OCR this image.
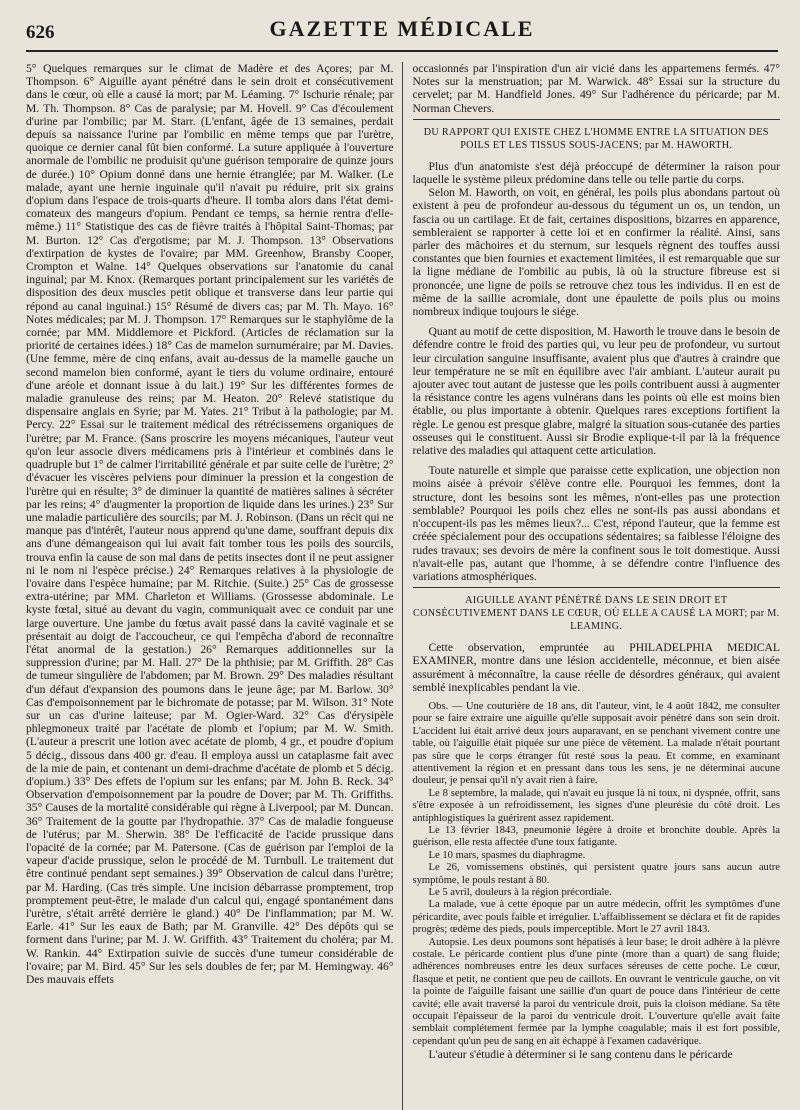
626	GAZETTE MÉDICALE

5° Quelques remarques sur le climat de Madère et des Açores; par M. Thompson. 6° Aiguille ayant pénétré dans le sein droit et consécutivement dans le cœur, où elle a causé la mort; par M. Léaming. 7° Ischurie rénale; par M. Th. Thompson. 8° Cas de paralysie; par M. Hovell. 9° Cas d'écoulement d'urine par l'ombilic; par M. Starr. (L'enfant, âgée de 13 semaines, perdait depuis sa naissance l'urine par l'ombilic en même temps que par l'urètre, quoique ce dernier canal fût bien conformé. La suture appliquée à l'ouverture anormale de l'ombilic ne produisit qu'une guérison temporaire de quinze jours de durée.) 10° Opium donné dans une hernie étranglée; par M. Walker. (Le malade, ayant une hernie inguinale qu'il n'avait pu réduire, prit six grains d'opium dans l'espace de trois-quarts d'heure. Il tomba alors dans l'état demi-comateux des mangeurs d'opium. Pendant ce temps, sa hernie rentra d'elle-même.) 11° Statistique des cas de fièvre traités à l'hôpital Saint-Thomas; par M. Burton. 12° Cas d'ergotisme; par M. J. Thompson. 13° Observations d'extirpation de kystes de l'ovaire; par MM. Greenhow, Bransby Cooper, Crompton et Walne. 14° Quelques observations sur l'anatomie du canal inguinal; par M. Knox. (Remarques portant principalement sur les variétés de disposition des deux muscles petit oblique et transverse dans leur partie qui répond au canal inguinal.) 15° Résumé de divers cas; par M. Th. Mayo. 16° Notes médicales; par M. J. Thompson. 17° Remarques sur le staphylôme de la cornée; par MM. Middlemore et Pickford. (Articles de réclamation sur la priorité de certaines idées.) 18° Cas de mamelon surnuméraire; par M. Davies. (Une femme, mère de cinq enfans, avait au-dessus de la mamelle gauche un second mamelon bien conformé, ayant le tiers du volume ordinaire, entouré d'une aréole et donnant issue à du lait.) 19° Sur les différentes formes de maladie granuleuse des reins; par M. Heaton. 20° Relevé statistique du dispensaire anglais en Syrie; par M. Yates. 21° Tribut à la pathologie; par M. Percy. 22° Essai sur le traitement médical des rétrécissemens organiques de l'urètre; par M. France. (Sans proscrire les moyens mécaniques, l'auteur veut qu'on leur associe divers médicamens pris à l'intérieur et combinés dans le quadruple but 1° de calmer l'irritabilité générale et par suite celle de l'urètre; 2° d'évacuer les viscères pelviens pour diminuer la pression et la congestion de l'urètre qui en résulte; 3° de diminuer la quantité de matières salines à sécréter par les reins; 4° d'augmenter la proportion de liquide dans les urines.) 23° Sur une maladie particulière des sourcils; par M. J. Robinson. (Dans un récit qui ne manque pas d'intérêt, l'auteur nous apprend qu'une dame, souffrant depuis dix ans d'une démangeaison qui lui avait fait tomber tous les poils des sourcils, trouva enfin la cause de son mal dans de petits insectes dont il ne peut assigner ni le nom ni l'espèce précise.) 24° Remarques relatives à la physiologie de l'ovaire dans l'espèce humaine; par M. Ritchie. (Suite.) 25° Cas de grossesse extra-utérine; par MM. Charleton et Williams. (Grossesse abdominale. Le kyste fœtal, situé au devant du vagin, communiquait avec ce conduit par une large ouverture. Une jambe du fœtus avait passé dans la cavité vaginale et se présentait au doigt de l'accoucheur, ce qui l'empêcha d'abord de reconnaître l'état anormal de la gestation.) 26° Remarques additionnelles sur la suppression d'urine; par M. Hall. 27° De la phthisie; par M. Griffith. 28° Cas de tumeur singulière de l'abdomen; par M. Brown. 29° Des maladies résultant d'un défaut d'expansion des poumons dans le jeune âge; par M. Barlow. 30° Cas d'empoisonnement par le bichromate de potasse; par M. Wilson. 31° Note sur un cas d'urine laiteuse; par M. Ogier-Ward. 32° Cas d'érysipèle phlegmoneux traité par l'acétate de plomb et l'opium; par M. W. Smith. (L'auteur a prescrit une lotion avec acétate de plomb, 4 gr., et poudre d'opium 5 décig., dissous dans 400 gr. d'eau. Il employa aussi un cataplasme fait avec de la mie de pain, et contenant un demi-drachme d'acétate de plomb et 5 décig. d'opium.) 33° Des effets de l'opium sur les enfans; par M. John B. Reck. 34° Observation d'empoisonnement par la poudre de Dover; par M. Th. Griffiths. 35° Causes de la mortalité considérable qui règne à Liverpool; par M. Duncan. 36° Traitement de la goutte par l'hydropathie. 37° Cas de maladie fongueuse de l'utérus; par M. Sherwin. 38° De l'efficacité de l'acide prussique dans l'opacité de la cornée; par M. Patersone. (Cas de guérison par l'emploi de la vapeur d'acide prussique, selon le procédé de M. Turnbull. Le traitement dut être continué pendant sept semaines.) 39° Observation de calcul dans l'urètre; par M. Harding. (Cas très simple. Une incision débarrasse promptement, trop promptement peut-être, le malade d'un calcul qui, engagé spontanément dans l'urètre, s'était arrêté derrière le gland.) 40° De l'inflammation; par M. W. Earle. 41° Sur les eaux de Bath; par M. Granville. 42° Des dépôts qui se forment dans l'urine; par M. J. W. Griffith. 43° Traitement du choléra; par M. W. Rankin. 44° Extirpation suivie de succès d'une tumeur considérable de l'ovaire; par M. Bird. 45° Sur les sels doubles de fer; par M. Hemingway. 46° Des mauvais effets

occasionnés par l'inspiration d'un air vicié dans les appartemens fermés. 47° Notes sur la menstruation; par M. Warwick. 48° Essai sur la structure du cervelet; par M. Handfield Jones. 49° Sur l'adhérence du péricarde; par M. Norman Chevers.

DU RAPPORT QUI EXISTE CHEZ L'HOMME ENTRE LA SITUATION DES POILS ET LES TISSUS SOUS-JACENS; par M. HAWORTH.

Plus d'un anatomiste s'est déjà préoccupé de déterminer la raison pour laquelle le système pileux prédomine dans telle ou telle partie du corps.

Selon M. Haworth, on voit, en général, les poils plus abondans partout où existent à peu de profondeur au-dessous du tégument un os, un tendon, un fascia ou un cartilage. Et de fait, certaines dispositions, bizarres en apparence, sembleraient se rapporter à cette loi et en confirmer la réalité. Ainsi, sans parler des mâchoires et du sternum, sur lesquels règnent des touffes aussi constantes que bien fournies et exactement limitées, il est remarquable que sur la ligne médiane de l'ombilic au pubis, là où la structure fibreuse est si prononcée, une ligne de poils se retrouve chez tous les individus. Il en est de même de la saillie acromiale, dont une épaulette de poils plus ou moins nombreux indique toujours le siége.

Quant au motif de cette disposition, M. Haworth le trouve dans le besoin de défendre contre le froid des parties qui, vu leur peu de profondeur, vu surtout leur circulation sanguine insuffisante, avaient plus que d'autres à craindre que leur température ne se mît en équilibre avec l'air ambiant. L'auteur aurait pu ajouter avec tout autant de justesse que les poils contribuent aussi à augmenter la résistance contre les agens vulnérans dans les points où elle est moins bien établie, ou plus importante à obtenir. Quelques rares exceptions fortifient la règle. Le genou est presque glabre, malgré la situation sous-cutanée des parties osseuses qui le constituent. Aussi sir Brodie explique-t-il par là la fréquence relative des maladies qui attaquent cette articulation.

Toute naturelle et simple que paraisse cette explication, une objection non moins aisée à prévoir s'élève contre elle. Pourquoi les femmes, dont la structure, dont les besoins sont les mêmes, n'ont-elles pas une protection semblable? Pourquoi les poils chez elles ne sont-ils pas aussi abondans et n'occupent-ils pas les mêmes lieux?... C'est, répond l'auteur, que la femme est créée spécialement pour des occupations sédentaires; sa faiblesse l'éloigne des rudes travaux; ses devoirs de mère la confinent sous le toit domestique. Aussi n'avait-elle pas, autant que l'homme, à se défendre contre l'influence des variations atmosphériques.

AIGUILLE AYANT PÉNÉTRÉ DANS LE SEIN DROIT ET CONSÉCUTIVEMENT DANS LE CŒUR, OÙ ELLE A CAUSÉ LA MORT; par M. LEAMING.

Cette observation, empruntée au PHILADELPHIA MEDICAL EXAMINER, montre dans une lésion accidentelle, méconnue, et bien aisée assurément à méconnaître, la cause réelle de désordres généraux, qui avaient semblé inexplicables pendant la vie.

Obs. — Une couturière de 18 ans, dit l'auteur, vint, le 4 août 1842, me consulter pour se faire extraire une aiguille qu'elle supposait avoir pénétré dans son sein droit. L'accident lui était arrivé deux jours auparavant, en se penchant vivement contre une table, où l'aiguille était piquée sur une pièce de vêtement. La malade n'était pourtant pas sûre que le corps étranger fût resté sous la peau. Et comme, en examinant attentivement la région et en pressant dans tous les sens, je ne déterminai aucune douleur, je pensai qu'il n'y avait rien à faire.

Le 8 septembre, la malade, qui n'avait eu jusque là ni toux, ni dyspnée, offrit, sans s'être exposée à un refroidissement, les signes d'une pleurésie du côté droit. Les antiphlogistiques la guérirent assez rapidement.

Le 13 février 1843, pneumonie légère à droite et bronchite double. Après la guérison, elle resta affectée d'une toux fatigante.

Le 10 mars, spasmes du diaphragme.

Le 26, vomissemens obstinés, qui persistent quatre jours sans aucun autre symptôme, le pouls restant à 80.

Le 5 avril, douleurs à la région précordiale.

La malade, vue à cette époque par un autre médecin, offrit les symptômes d'une péricardite, avec pouls faible et irrégulier. L'affaiblissement se déclara et fit de rapides progrès; œdème des pieds, pouls imperceptible. Mort le 27 avril 1843.

Autopsie. Les deux poumons sont hépatisés à leur base; le droit adhère à la plèvre costale. Le péricarde contient plus d'une pinte (more than a quart) de sang fluide; adhérences nombreuses entre les deux surfaces séreuses de cette poche. Le cœur, flasque et petit, ne contient que peu de caillots. En ouvrant le ventricule gauche, on vit la pointe de l'aiguille faisant une saillie d'un quart de pouce dans l'intérieur de cette cavité; elle avait traversé la paroi du ventricule droit, puis la cloison médiane. Sa tête occupait l'épaisseur de la paroi du ventricule droit. L'ouverture qu'elle avait faite semblait complétement fermée par la lymphe coagulable; mais il est fort possible, cependant qu'un peu de sang en ait échappé à l'examen cadavérique.

L'auteur s'étudie à déterminer si le sang contenu dans le péricarde
